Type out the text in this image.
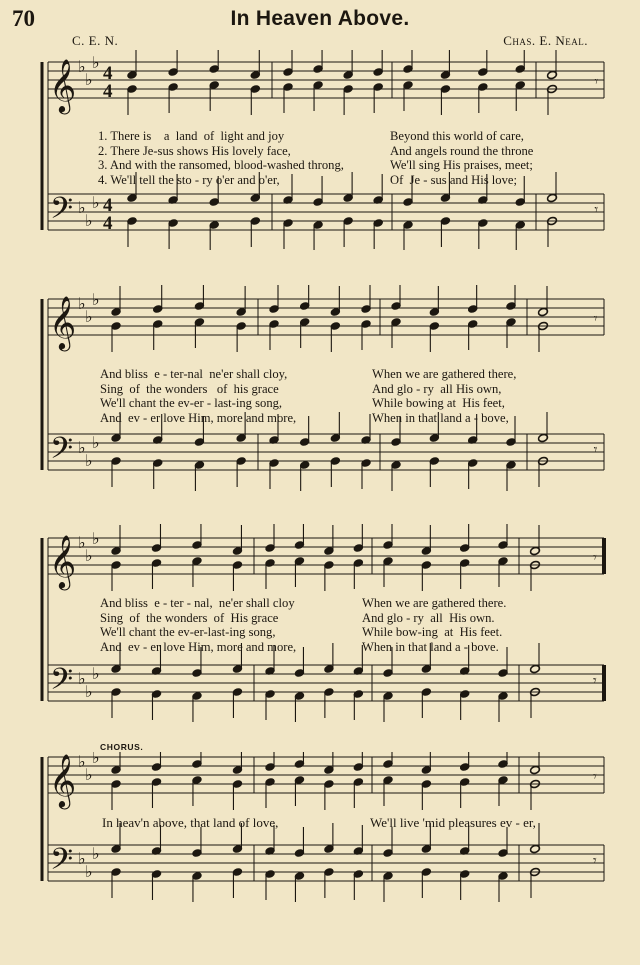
70	In Heaven Above.
C. E. N.	Chas. E. Neal.
𝄞
𝄢
♭
♭
♭
♭
♭
♭
4
4
4
4
𝄾
𝄾
𝄞
𝄢
♭
♭
♭
♭
♭
♭
𝄾
𝄾
𝄞
𝄢
♭
♭
♭
♭
♭
♭
𝄾
𝄾
𝄞
𝄢
♭
♭
♭
♭
♭
♭
𝄾
𝄾
1. There is    a  land  of  light and joy
2. There Je-sus shows His lovely face,
3. And with the ransomed, blood-washed throng,
4. We'll tell the sto - ry o'er and o'er,
Beyond this world of care,
And angels round the throne
We'll sing His praises, meet;
Of  Je - sus and His love;
And bliss  e - ter-nal  ne'er shall cloy,
Sing  of  the wonders   of  his grace
We'll chant the ev-er - last-ing song,
And  ev - er love Him, more and more,
When we are gathered there,
And glo - ry  all His own,
While bowing at  His feet,
When in that land a - bove,
And bliss  e - ter - nal,  ne'er shall cloy
Sing  of  the wonders  of  His grace
We'll chant the ev-er-last-ing song,
And  ev - er love Him, more and more,
When we are gathered there.
And glo - ry  all  His own.
While bow-ing  at  His feet.
When in that land a - bove.
CHORUS.
In heav'n above, that land of love,	We'll live 'mid pleasures ev - er,
